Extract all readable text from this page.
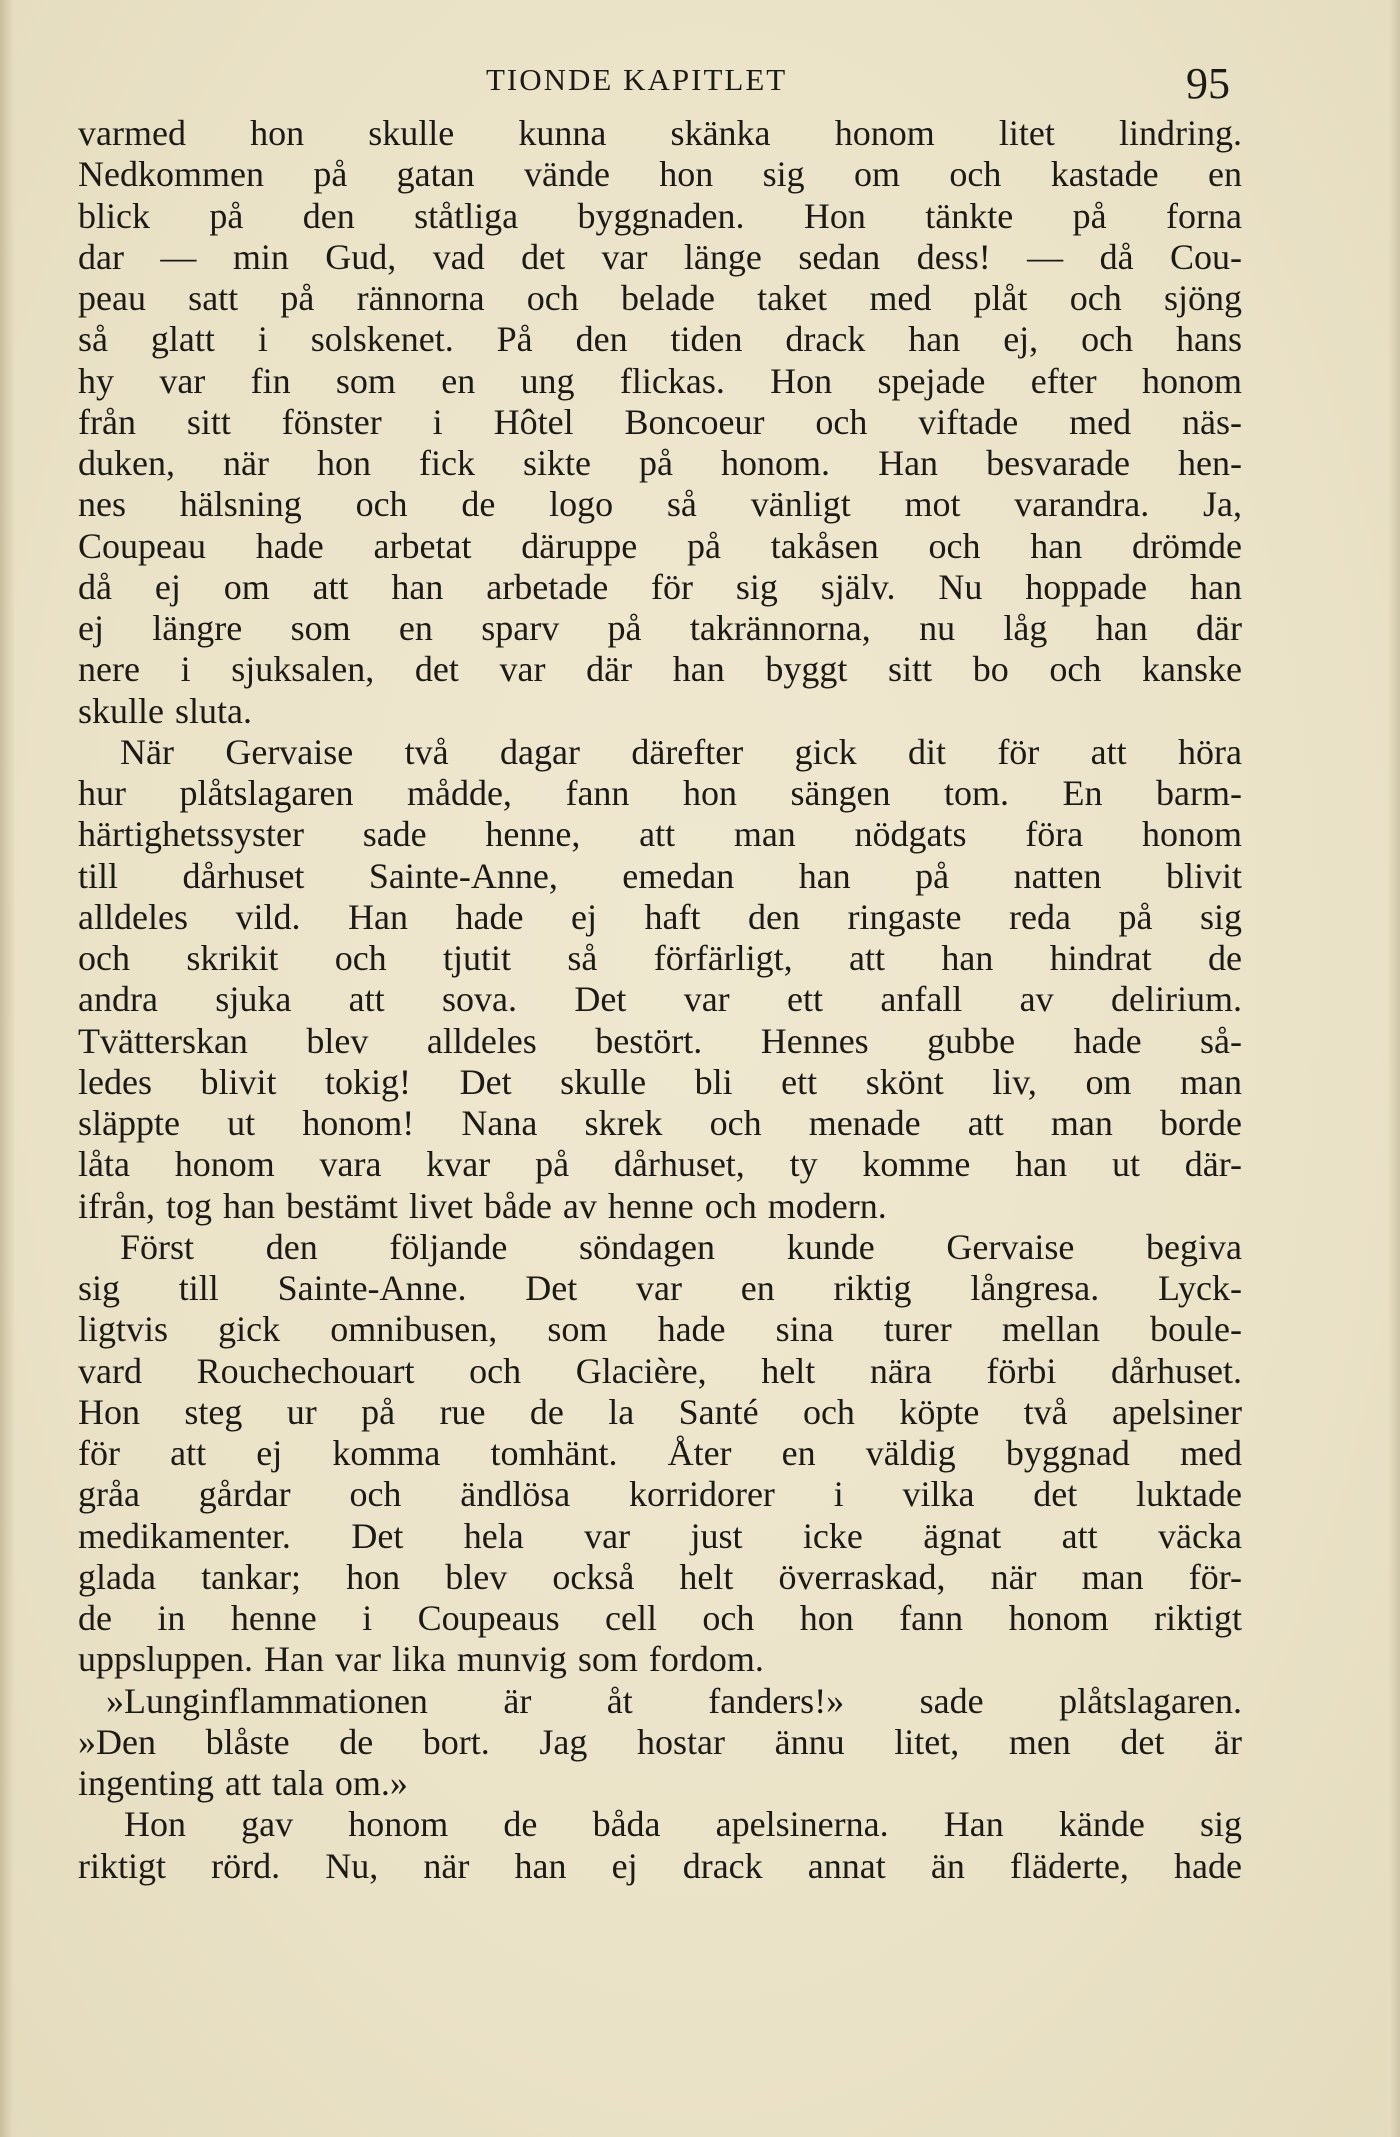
TIONDE KAPITLET	95
varmed hon skulle kunna skänka honom litet lindring.
Nedkommen på gatan vände hon sig om och kastade en
blick på den ståtliga byggnaden. Hon tänkte på forna
dar — min Gud, vad det var länge sedan dess! — då Cou-
peau satt på rännorna och belade taket med plåt och sjöng
så glatt i solskenet. På den tiden drack han ej, och hans
hy var fin som en ung flickas. Hon spejade efter honom
från sitt fönster i Hôtel Boncoeur och viftade med näs-
duken, när hon fick sikte på honom. Han besvarade hen-
nes hälsning och de logo så vänligt mot varandra. Ja,
Coupeau hade arbetat däruppe på takåsen och han drömde
då ej om att han arbetade för sig själv. Nu hoppade han
ej längre som en sparv på takrännorna, nu låg han där
nere i sjuksalen, det var där han byggt sitt bo och kanske
skulle sluta.
När Gervaise två dagar därefter gick dit för att höra
hur plåtslagaren mådde, fann hon sängen tom. En barm-
härtighetssyster sade henne, att man nödgats föra honom
till dårhuset Sainte-Anne, emedan han på natten blivit
alldeles vild. Han hade ej haft den ringaste reda på sig
och skrikit och tjutit så förfärligt, att han hindrat de
andra sjuka att sova. Det var ett anfall av delirium.
Tvätterskan blev alldeles bestört. Hennes gubbe hade så-
ledes blivit tokig! Det skulle bli ett skönt liv, om man
släppte ut honom! Nana skrek och menade att man borde
låta honom vara kvar på dårhuset, ty komme han ut där-
ifrån, tog han bestämt livet både av henne och modern.
Först den följande söndagen kunde Gervaise begiva
sig till Sainte-Anne. Det var en riktig långresa. Lyck-
ligtvis gick omnibusen, som hade sina turer mellan boule-
vard Rouchechouart och Glacière, helt nära förbi dårhuset.
Hon steg ur på rue de la Santé och köpte två apelsiner
för att ej komma tomhänt. Åter en väldig byggnad med
gråa gårdar och ändlösa korridorer i vilka det luktade
medikamenter. Det hela var just icke ägnat att väcka
glada tankar; hon blev också helt överraskad, när man för-
de in henne i Coupeaus cell och hon fann honom riktigt
uppsluppen. Han var lika munvig som fordom.
»Lunginflammationen är åt fanders!» sade plåtslagaren.
»Den blåste de bort. Jag hostar ännu litet, men det är
ingenting att tala om.»
Hon gav honom de båda apelsinerna. Han kände sig
riktigt rörd. Nu, när han ej drack annat än fläderte, hade
